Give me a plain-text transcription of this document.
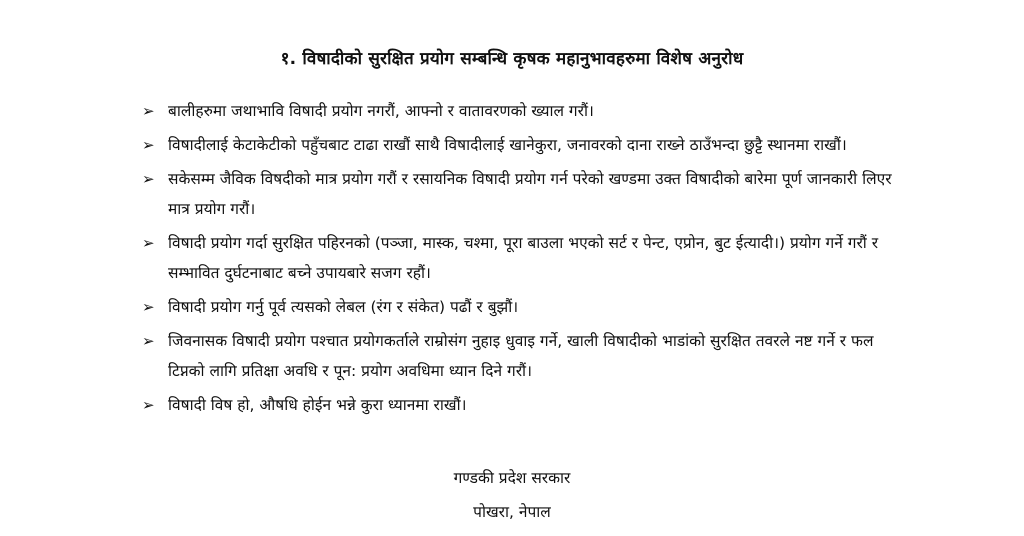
१. विषादीको सुरक्षित प्रयोग सम्बन्धि कृषक महानुभावहरुमा विशेष अनुरोध
➢ बालीहरुमा जथाभावि विषादी प्रयोग नगरौं, आफ्नो र वातावरणको ख्याल गरौं।
➢ विषादीलाई केटाकेटीको पहुँचबाट टाढा राखौं साथै विषादीलाई खानेकुरा, जनावरको दाना राख्ने ठाउँभन्दा छुट्टै स्थानमा राखौं।
➢ सकेसम्म जैविक विषदीको मात्र प्रयोग गरौं र रसायनिक विषादी प्रयोग गर्न परेको खण्डमा उक्त विषादीको बारेमा पूर्ण जानकारी लिएर मात्र प्रयोग गरौं।
➢ विषादी प्रयोग गर्दा सुरक्षित पहिरनको (पञ्जा, मास्क, चश्मा, पूरा बाउला भएको सर्ट र पेन्ट, एप्रोन, बुट ईत्यादी।) प्रयोग गर्ने गरौं र सम्भावित दुर्घटनाबाट बच्ने उपायबारे सजग रहौं।
➢ विषादी प्रयोग गर्नु पूर्व त्यसको लेबल (रंग र संकेत) पढौं र बुझौं।
➢ जिवनासक विषादी प्रयोग पश्चात प्रयोगकर्ताले राम्रोसंग नुहाइ धुवाइ गर्ने, खाली विषादीको भाडांको सुरक्षित तवरले नष्ट गर्ने र फल टिप्नको लागि प्रतिक्षा अवधि र पून: प्रयोग अवधिमा ध्यान दिने गरौं।
➢ विषादी विष हो, औषधि होईन भन्ने कुरा ध्यानमा राखौं।
गण्डकी प्रदेश सरकार
पोखरा, नेपाल
